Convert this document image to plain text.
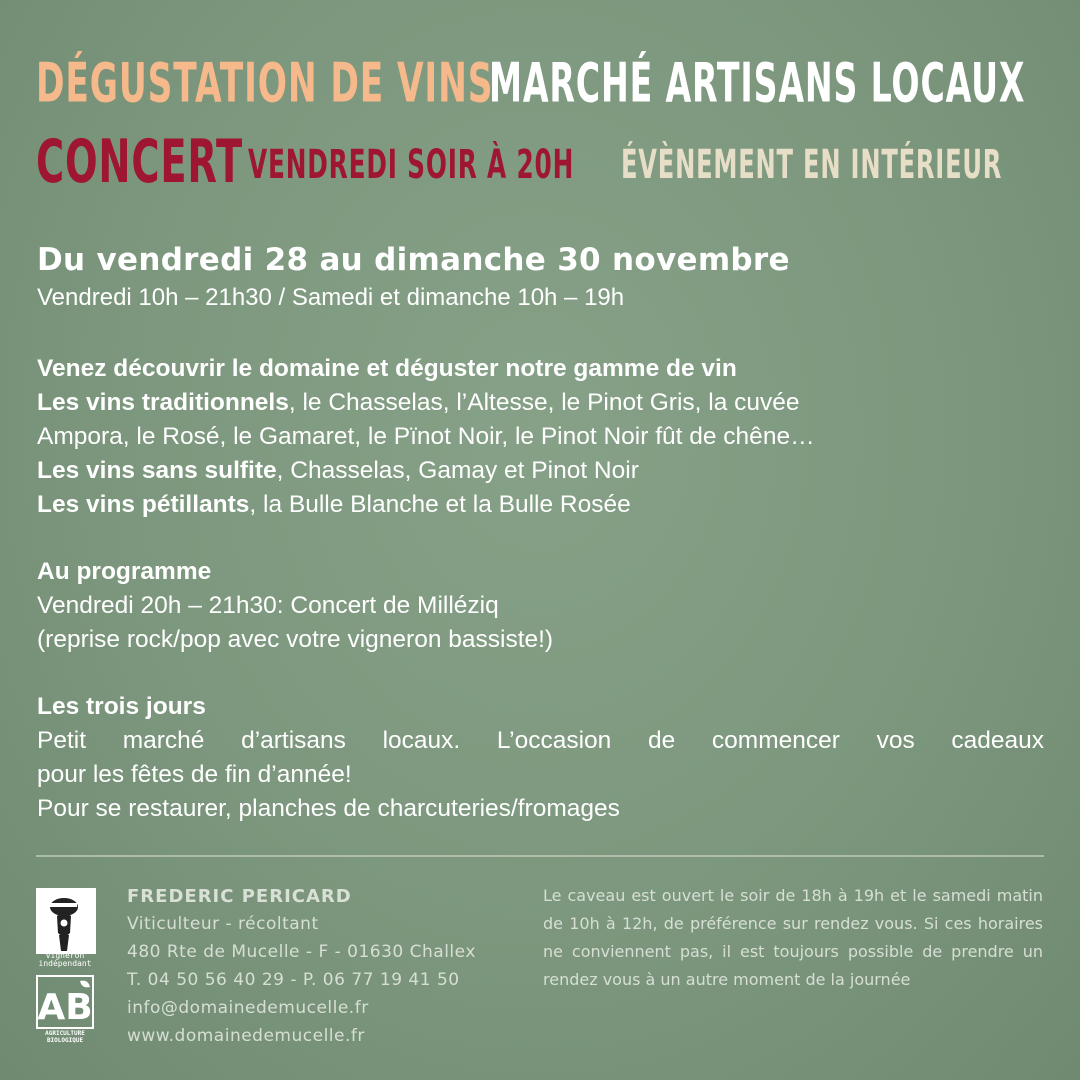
DÉGUSTATION DE VINS
MARCHÉ ARTISANS LOCAUX
CONCERT VENDREDI SOIR À 20H ÉVÈNEMENT EN INTÉRIEUR
Du vendredi 28 au dimanche 30 novembre
Vendredi 10h – 21h30 / Samedi et dimanche 10h – 19h
Venez découvrir le domaine et déguster notre gamme de vin
Les vins traditionnels, le Chasselas, l’Altesse, le Pinot Gris, la cuvée
Ampora, le Rosé, le Gamaret, le Pïnot Noir, le Pinot Noir fût de chêne…
Les vins sans sulfite, Chasselas, Gamay et Pinot Noir
Les vins pétillants, la Bulle Blanche et la Bulle Rosée
Au programme
Vendredi 20h – 21h30: Concert de Milléziq
(reprise rock/pop avec votre vigneron bassiste!)
Les trois jours
Petit marché d’artisans locaux. L’occasion de commencer vos cadeaux
pour les fêtes de fin d’année!
Pour se restaurer, planches de charcuteries/fromages
vigneron indépendant
AB
AGRICULTURE BIOLOGIQUE
FREDERIC PERICARD
Viticulteur - récoltant
480 Rte de Mucelle - F - 01630 Challex
T. 04 50 56 40 29 - P. 06 77 19 41 50
info@domainedemucelle.fr
www.domainedemucelle.fr
Le caveau est ouvert le soir de 18h à 19h et le samedi matin de 10h à 12h, de préférence sur rendez vous. Si ces horaires ne conviennent pas, il est toujours possible de prendre un rendez vous à un autre moment de la journée
